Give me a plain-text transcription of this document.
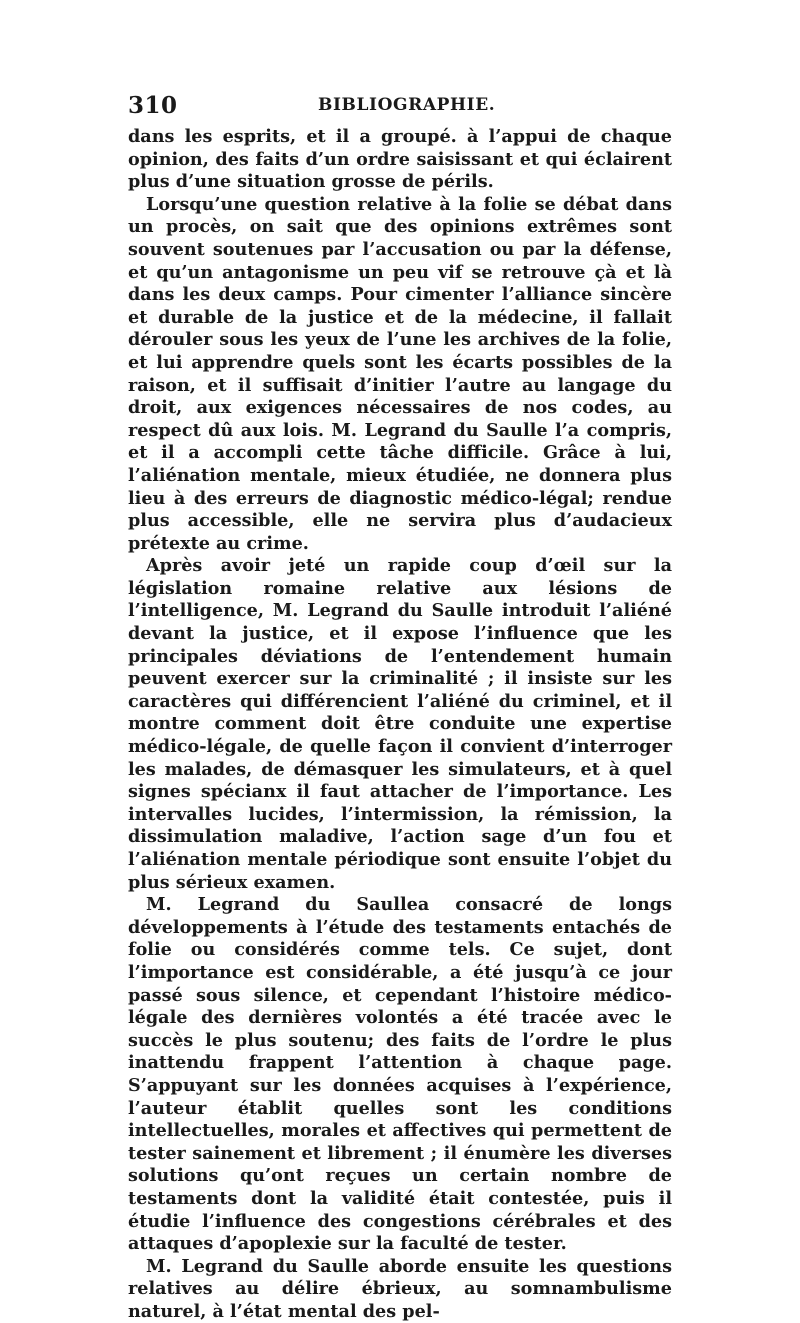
310	BIBLIOGRAPHIE.

dans les esprits, et il a groupé. à l’appui de chaque opinion, des faits d’un ordre saisissant et qui éclairent plus d’une situation grosse de périls.

Lorsqu’une question relative à la folie se débat dans un procès, on sait que des opinions extrêmes sont souvent soutenues par l’accusation ou par la défense, et qu’un antagonisme un peu vif se retrouve çà et là dans les deux camps. Pour cimenter l’alliance sincère et durable de la justice et de la médecine, il fallait dérouler sous les yeux de l’une les archives de la folie, et lui apprendre quels sont les écarts possibles de la raison, et il suffisait d’initier l’autre au langage du droit, aux exigences nécessaires de nos codes, au respect dû aux lois. M. Legrand du Saulle l’a compris, et il a accompli cette tâche difficile. Grâce à lui, l’aliénation mentale, mieux étudiée, ne donnera plus lieu à des erreurs de diagnostic médico-légal; rendue plus accessible, elle ne servira plus d’audacieux prétexte au crime.

Après avoir jeté un rapide coup d’œil sur la législation romaine relative aux lésions de l’intelligence, M. Legrand du Saulle introduit l’aliéné devant la justice, et il expose l’influence que les principales déviations de l’entendement humain peuvent exercer sur la criminalité ; il insiste sur les caractères qui différencient l’aliéné du criminel, et il montre comment doit être conduite une expertise médico-légale, de quelle façon il convient d’interroger les malades, de démasquer les simulateurs, et à quel signes spécianx il faut attacher de l’importance. Les intervalles lucides, l’intermission, la rémission, la dissimulation maladive, l’action sage d’un fou et l’aliénation mentale périodique sont ensuite l’objet du plus sérieux examen.

M. Legrand du Saullea consacré de longs développements à l’étude des testaments entachés de folie ou considérés comme tels. Ce sujet, dont l’importance est considérable, a été jusqu’à ce jour passé sous silence, et cependant l’histoire médico-légale des dernières volontés a été tracée avec le succès le plus soutenu; des faits de l’ordre le plus inattendu frappent l’attention à chaque page. S’appuyant sur les données acquises à l’expérience, l’auteur établit quelles sont les conditions intellectuelles, morales et affectives qui permettent de tester sainement et librement ; il énumère les diverses solutions qu’ont reçues un certain nombre de testaments dont la validité était contestée, puis il étudie l’influence des congestions cérébrales et des attaques d’apoplexie sur la faculté de tester.

M. Legrand du Saulle aborde ensuite les questions relatives au délire ébrieux, au somnambulisme naturel, à l’état mental des pel-
